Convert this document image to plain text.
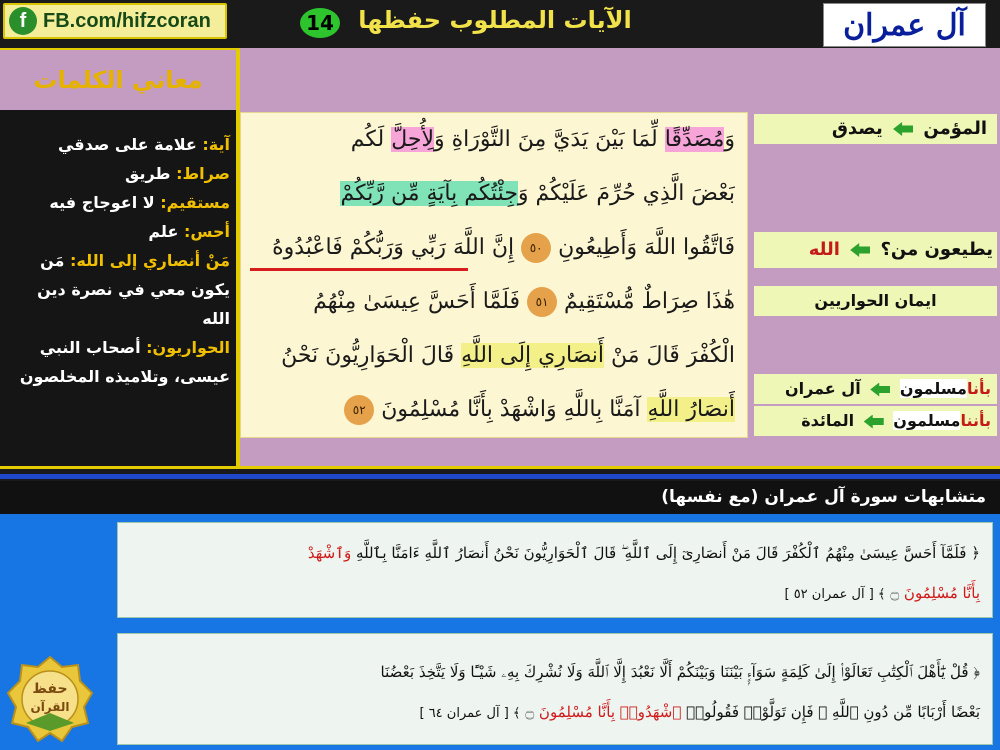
f FB.com/hifzcoran	14	الآيات المطلوب حفظها	آل عمران
معاني الكلمات
آية: علامة على صدقي
صراط: طريق
مستقيم: لا اعوجاج فيه
أحس: علم
مَنْ أنصاري إلى الله: مَن يكون معي في نصرة دين الله
الحواريون: أصحاب النبي عيسى، وتلاميذه المخلصون
وَمُصَدِّقًا لِّمَا بَيْنَ يَدَيَّ مِنَ التَّوْرَاةِ وَلِأُحِلَّ لَكُم
بَعْضَ الَّذِي حُرِّمَ عَلَيْكُمْ وَجِئْتُكُم بِآيَةٍ مِّن رَّبِّكُمْ
فَاتَّقُوا اللَّهَ وَأَطِيعُونِ ٥٠ إِنَّ اللَّهَ رَبِّي وَرَبُّكُمْ فَاعْبُدُوهُ
هَٰذَا صِرَاطٌ مُّسْتَقِيمٌ ٥١ فَلَمَّا أَحَسَّ عِيسَىٰ مِنْهُمُ
الْكُفْرَ قَالَ مَنْ أَنصَارِي إِلَى اللَّهِ قَالَ الْحَوَارِيُّونَ نَحْنُ
أَنصَارُ اللَّهِ آمَنَّا بِاللَّهِ وَاشْهَدْ بِأَنَّا مُسْلِمُونَ ٥٢
المؤمن  يصدق
يطيعون من؟  الله
ايمان الحواريين
بأنامسلمون  آل عمران
بأننامسلمون  المائدة
متشابهات سورة آل عمران (مع نفسها)
﴿ فَلَمَّآ أَحَسَّ عِيسَىٰ مِنْهُمُ ٱلْكُفْرَ قَالَ مَنْ أَنصَارِىٓ إِلَى ٱللَّهِ ۖ قَالَ ٱلْحَوَارِيُّونَ نَحْنُ أَنصَارُ ٱللَّهِ ءَامَنَّا بِٱللَّهِ وَٱشْهَدْ
بِأَنَّا مُسْلِمُونَ ۝ ﴾ [ آل عمران ٥٢ ]
﴿ قُلْ يَٰٓأَهْلَ ٱلْكِتَٰبِ تَعَالَوْا۟ إِلَىٰ كَلِمَةٍ سَوَآءٍۭ بَيْنَنَا وَبَيْنَكُمْ أَلَّا نَعْبُدَ إِلَّا ٱللَّهَ وَلَا نُشْرِكَ بِهِۦ شَيْـًٔا وَلَا يَتَّخِذَ بَعْضُنَا
بَعْضًا أَرْبَابًا مِّن دُونِ ٱللَّهِ ۚ فَإِن تَوَلَّوْا۟ فَقُولُوا۟ ٱشْهَدُوا۟ بِأَنَّا مُسْلِمُونَ ۝ ﴾ [ آل عمران ٦٤ ]
حفظ
القرآن
